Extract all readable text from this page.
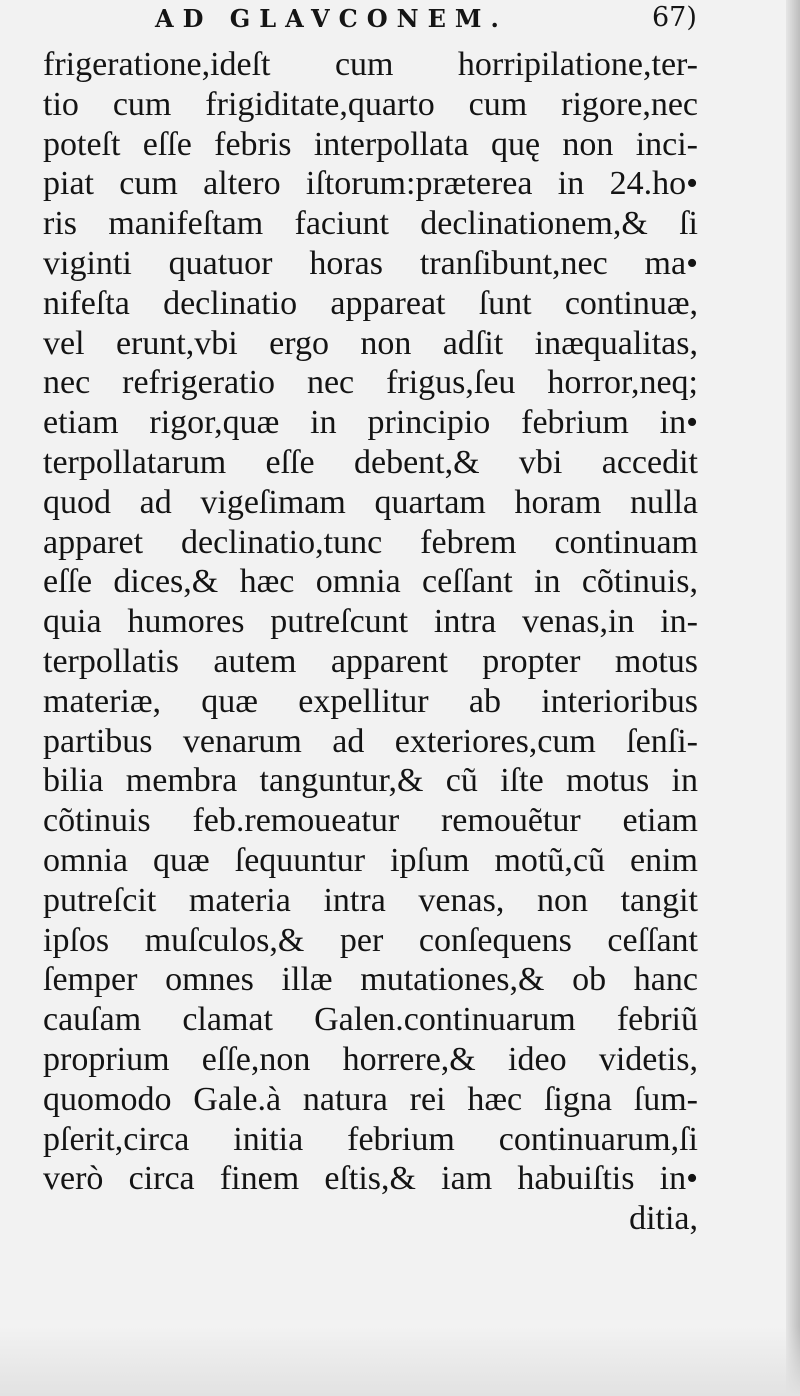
AD GLAVCONEM.	67)
frigeratione,ideſt cum horripilatione,ter-
tio cum frigiditate,quarto cum rigore,nec
poteſt eſſe febris interpollata quę non inci-
piat cum altero iſtorum:præterea in 24.ho•
ris manifeſtam faciunt declinationem,& ſi
viginti quatuor horas tranſibunt,nec ma•
nifeſta declinatio appareat ſunt continuæ,
vel erunt,vbi ergo non adſit inæqualitas,
nec refrigeratio nec frigus,ſeu horror,neq;
etiam rigor,quæ in principio febrium in•
terpollatarum eſſe debent,& vbi accedit
quod ad vigeſimam quartam horam nulla
apparet declinatio,tunc febrem continuam
eſſe dices,& hæc omnia ceſſant in cõtinuis,
quia humores putreſcunt intra venas,in in-
terpollatis autem apparent propter motus
materiæ, quæ expellitur ab interioribus
partibus venarum ad exteriores,cum ſenſi-
bilia membra tanguntur,& cũ iſte motus in
cõtinuis feb.remoueatur remouẽtur etiam
omnia quæ ſequuntur ipſum motũ,cũ enim
putreſcit materia intra venas, non tangit
ipſos muſculos,& per conſequens ceſſant
ſemper omnes illæ mutationes,& ob hanc
cauſam clamat Galen.continuarum febriũ
proprium eſſe,non horrere,& ideo videtis,
quomodo Gale.à natura rei hæc ſigna ſum-
pſerit,circa initia febrium continuarum,ſi
verò circa finem eſtis,& iam habuiſtis in•
ditia,
